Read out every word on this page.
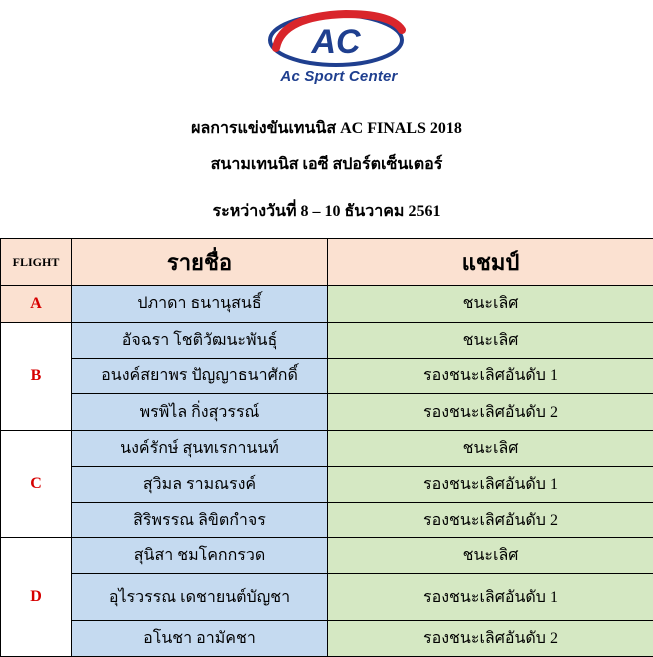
AC
Ac Sport Center
ผลการแข่งขันเทนนิส AC FINALS 2018
สนามเทนนิส เอซี สปอร์ตเซ็นเตอร์
ระหว่างวันที่ 8 – 10 ธันวาคม 2561
FLIGHT	รายชื่อ	แชมป์
A	ปภาดา ธนานุสนธิ์	ชนะเลิศ
B	อัจฉรา โชติวัฒนะพันธุ์	ชนะเลิศ
	อนงค์สยาพร ปัญญาธนาศักดิ์	รองชนะเลิศอันดับ 1
	พรพิไล กิ่งสุวรรณ์	รองชนะเลิศอันดับ 2
C	นงค์รักษ์ สุนทเรกานนท์	ชนะเลิศ
	สุวิมล รามณรงค์	รองชนะเลิศอันดับ 1
	สิริพรรณ ลิขิตกำจร	รองชนะเลิศอันดับ 2
D	สุนิสา ชมโคกกรวด	ชนะเลิศ
	อุไรวรรณ เดชายนต์บัญชา	รองชนะเลิศอันดับ 1
	อโนชา อามัคชา	รองชนะเลิศอันดับ 2
